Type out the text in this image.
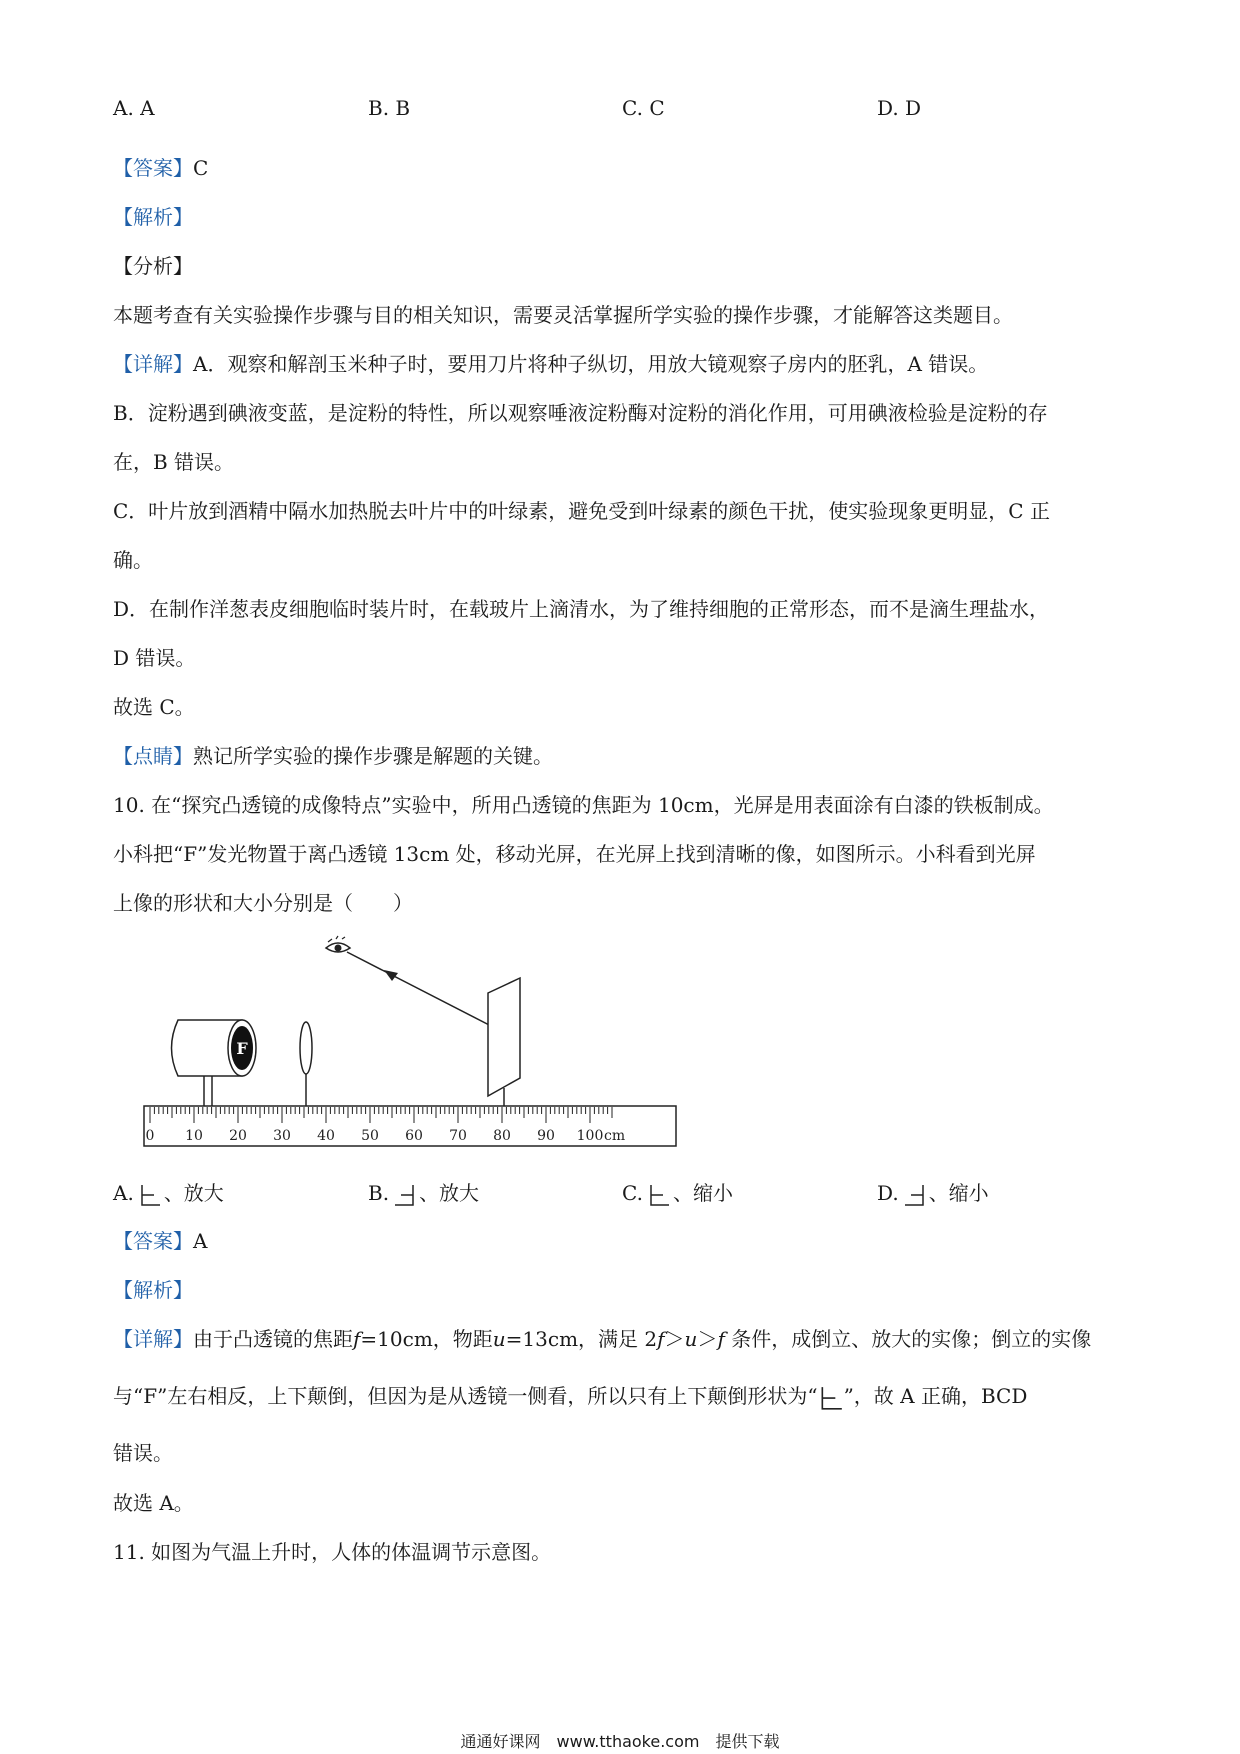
A. A	B. B	C. C	D. D
【答案】C
【解析】
【分析】
本题考查有关实验操作步骤与目的相关知识，需要灵活掌握所学实验的操作步骤，才能解答这类题目。
【详解】A．观察和解剖玉米种子时，要用刀片将种子纵切，用放大镜观察子房内的胚乳，A 错误。
B．淀粉遇到碘液变蓝，是淀粉的特性，所以观察唾液淀粉酶对淀粉的消化作用，可用碘液检验是淀粉的存
在，B 错误。
C．叶片放到酒精中隔水加热脱去叶片中的叶绿素，避免受到叶绿素的颜色干扰，使实验现象更明显，C 正
确。
D．在制作洋葱表皮细胞临时装片时，在载玻片上滴清水，为了维持细胞的正常形态，而不是滴生理盐水，
D 错误。
故选 C。
【点睛】熟记所学实验的操作步骤是解题的关键。
10. 在“探究凸透镜的成像特点”实验中，所用凸透镜的焦距为 10cm，光屏是用表面涂有白漆的铁板制成。
小科把“F”发光物置于离凸透镜 13cm 处，移动光屏，在光屏上找到清晰的像，如图所示。小科看到光屏
上像的形状和大小分别是（　　）
F
0 10 20 30 40 50 60 70 80 90 100 cm
A. 、放大	B. 、放大	C. 、缩小	D. 、缩小
【答案】A
【解析】
【详解】由于凸透镜的焦距f=10cm，物距u=13cm，满足 2f＞u＞f 条件，成倒立、放大的实像；倒立的实像
与“F”左右相反，上下颠倒，但因为是从透镜一侧看，所以只有上下颠倒形状为“ ”，故 A 正确，BCD
错误。
故选 A。
11. 如图为气温上升时，人体的体温调节示意图。
通通好课网　www.tthaoke.com　提供下载
